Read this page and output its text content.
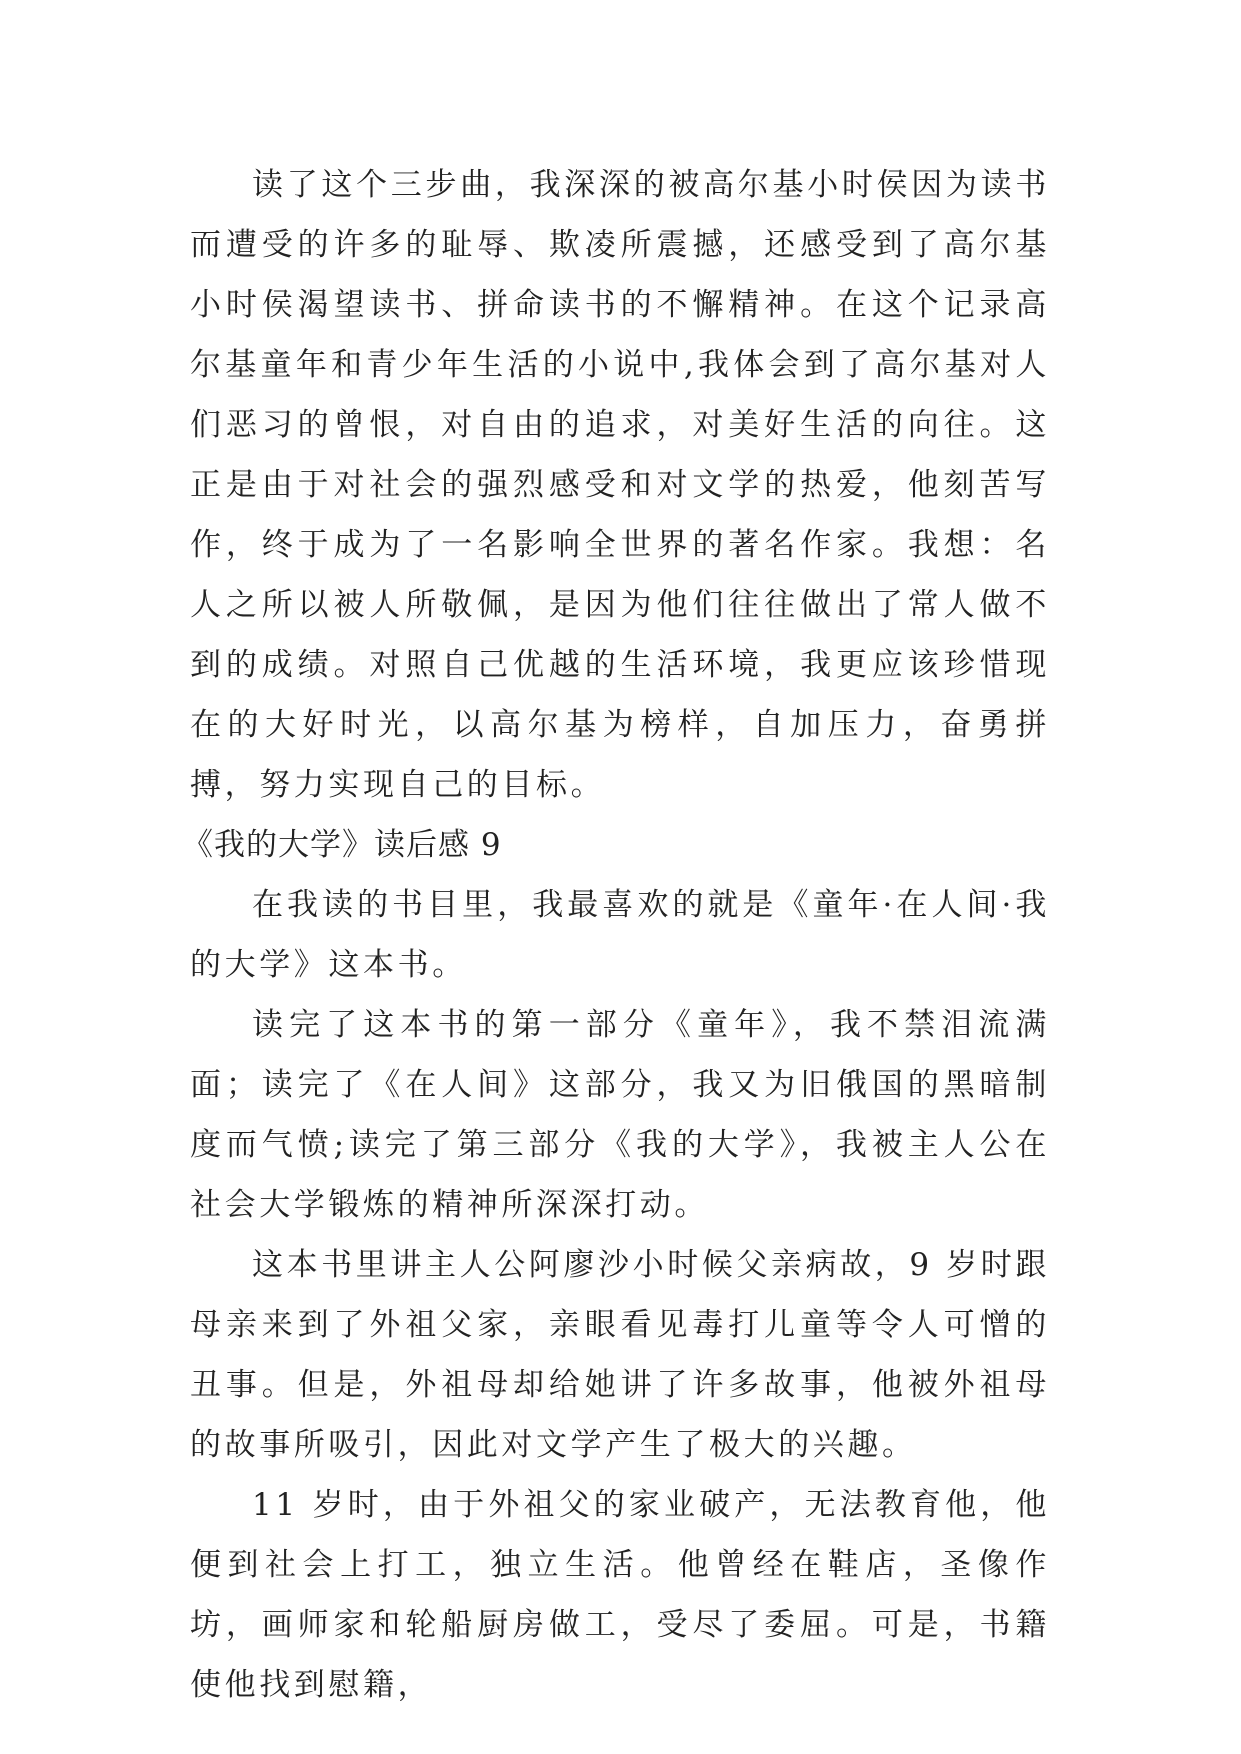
读了这个三步曲，我深深的被高尔基小时侯因为读书而遭受的许多的耻辱、欺凌所震撼，还感受到了高尔基小时侯渴望读书、拼命读书的不懈精神。在这个记录高尔基童年和青少年生活的小说中,我体会到了高尔基对人们恶习的曾恨，对自由的追求，对美好生活的向往。这正是由于对社会的强烈感受和对文学的热爱，他刻苦写作，终于成为了一名影响全世界的著名作家。我想：名人之所以被人所敬佩，是因为他们往往做出了常人做不到的成绩。对照自己优越的生活环境，我更应该珍惜现在的大好时光，以高尔基为榜样，自加压力，奋勇拼搏，努力实现自己的目标。

《我的大学》读后感 9

在我读的书目里，我最喜欢的就是《童年·在人间·我的大学》这本书。

读完了这本书的第一部分《童年》，我不禁泪流满面；读完了《在人间》这部分，我又为旧俄国的黑暗制度而气愤;读完了第三部分《我的大学》，我被主人公在社会大学锻炼的精神所深深打动。

这本书里讲主人公阿廖沙小时候父亲病故，9 岁时跟母亲来到了外祖父家，亲眼看见毒打儿童等令人可憎的丑事。但是，外祖母却给她讲了许多故事，他被外祖母的故事所吸引，因此对文学产生了极大的兴趣。

11 岁时，由于外祖父的家业破产，无法教育他，他便到社会上打工，独立生活。他曾经在鞋店，圣像作坊，画师家和轮船厨房做工，受尽了委屈。可是，书籍使他找到慰籍，
